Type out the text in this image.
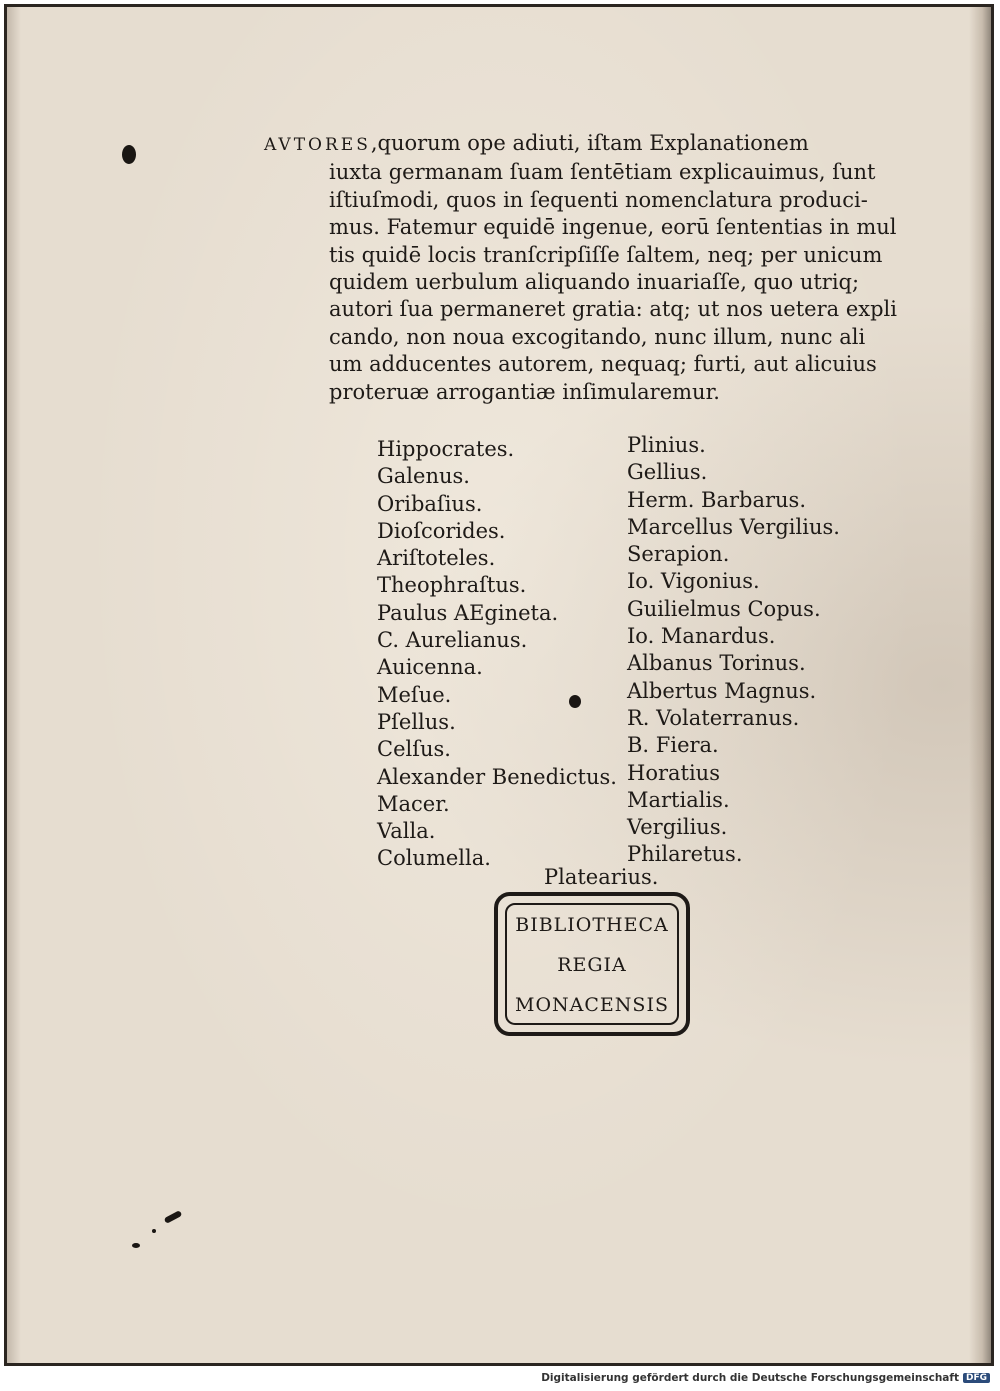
AVTORES,quorum ope adiuti, iſtam Explanationem
iuxta germanam ſuam ſentētiam explicauimus, ſunt
iſtiuſmodi, quos in ſequenti nomenclatura produci-
mus. Fatemur equidē ingenue, eorū ſententias in mul
tis quidē locis tranſcripſiſſe ſaltem, neq; per unicum
quidem uerbulum aliquando inuariaſſe, quo utriq;
autori ſua permaneret gratia: atq; ut nos uetera expli
cando, non noua excogitando, nunc illum, nunc ali
um adducentes autorem, nequaq; furti, aut alicuius
proteruæ arrogantiæ inſimularemur.
Hippocrates.
Galenus.
Oribaſius.
Dioſcorides.
Ariſtoteles.
Theophraſtus.
Paulus AEgineta.
C. Aurelianus.
Auicenna.
Meſue.
Pſellus.
Celſus.
Alexander Benedictus.
Macer.
Valla.
Columella.
Plinius.
Gellius.
Herm. Barbarus.
Marcellus Vergilius.
Serapion.
Io. Vigonius.
Guilielmus Copus.
Io. Manardus.
Albanus Torinus.
Albertus Magnus.
R. Volaterranus.
B. Fiera.
Horatius
Martialis.
Vergilius.
Philaretus.
Platearius.
BIBLIOTHECA
REGIA
MONACENSIS
Digitalisierung gefördert durch die Deutsche Forschungsgemeinschaft DFG
